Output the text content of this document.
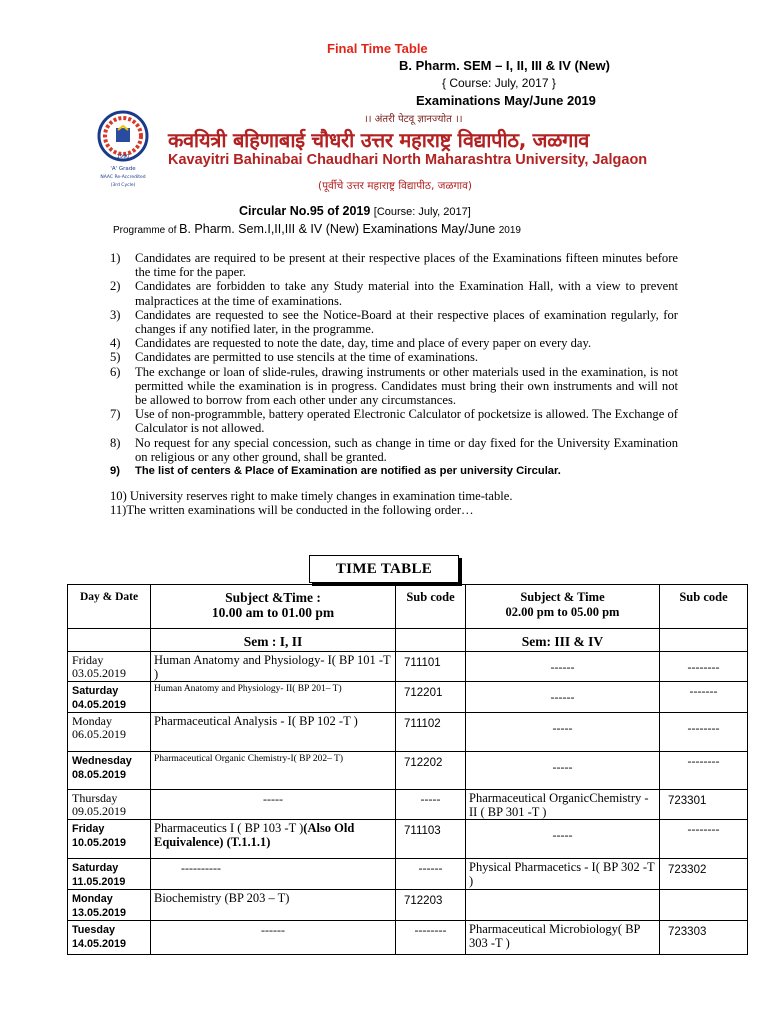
Final Time Table
B. Pharm. SEM – I, II, III & IV (New)
{ Course: July, 2017 }
Examinations May/June 2019
1990
'A' Grade
NAAC Re-Accredited
(3rd Cycle)
।। अंतरी पेटवू ज्ञानज्योत ।।
कवयित्री बहिणाबाई चौधरी उत्तर महाराष्ट्र विद्यापीठ, जळगाव
Kavayitri Bahinabai Chaudhari North Maharashtra University, Jalgaon
(पूर्वीचे उत्तर महाराष्ट्र विद्यापीठ, जळगाव)
Circular No.95 of 2019 [Course: July, 2017]
Programme of B. Pharm. Sem.I,II,III & IV (New) Examinations May/June 2019
1)	Candidates are required to be present at their respective places of the Examinations fifteen minutes before the time for the paper.
2)	Candidates are forbidden to take any Study material into the Examination Hall, with a view to prevent malpractices at the time of examinations.
3)	Candidates are requested to see the Notice-Board at their respective places of examination regularly, for changes if any notified later, in the programme.
4)	Candidates are requested to note the date, day, time and place of every paper on every day.
5)	Candidates are permitted to use stencils at the time of examinations.
6)	The exchange or loan of slide-rules, drawing instruments or other materials used in the examination, is not permitted while the examination is in progress. Candidates must bring their own instruments and will not be allowed to borrow from each other under any circumstances.
7)	Use of non-programmble, battery operated Electronic Calculator of pocketsize is allowed. The Exchange of Calculator is not allowed.
8)	No request for any special concession, such as change in time or day fixed for the University Examination on religious or any other ground, shall be granted.
9)	The list of centers & Place of Examination are notified as per university Circular.
10) University reserves right to make timely changes in examination time-table.
11)The written examinations will be conducted in the following order…
TIME TABLE
Day & Date	Subject &Time :
10.00 am to 01.00 pm	Sub code	Subject & Time
02.00 pm to 05.00 pm	Sub code
	Sem : I, II		Sem: III & IV	

Friday
03.05.2019	Human Anatomy and Physiology- I( BP 101 -T )	711101	------	--------

Saturday
04.05.2019	Human Anatomy and Physiology- II( BP 201– T)	712201	------	-------

Monday
06.05.2019	Pharmaceutical Analysis - I( BP 102 -T )	711102	-----	--------

Wednesday
08.05.2019	Pharmaceutical Organic Chemistry-I( BP 202– T)	712202	-----	--------

Thursday
09.05.2019	-----	-----	Pharmaceutical OrganicChemistry - II ( BP 301 -T )	723301

Friday
10.05.2019	Pharmaceutics I ( BP 103 -T )(Also Old Equivalence) (T.1.1.1)	711103	-----	--------

Saturday
11.05.2019	----------	------	Physical Pharmacetics - I( BP 302 -T )	723302

Monday
13.05.2019	Biochemistry (BP 203 – T)	712203		

Tuesday
14.05.2019	------	--------	Pharmaceutical Microbiology( BP 303 -T )	723303
